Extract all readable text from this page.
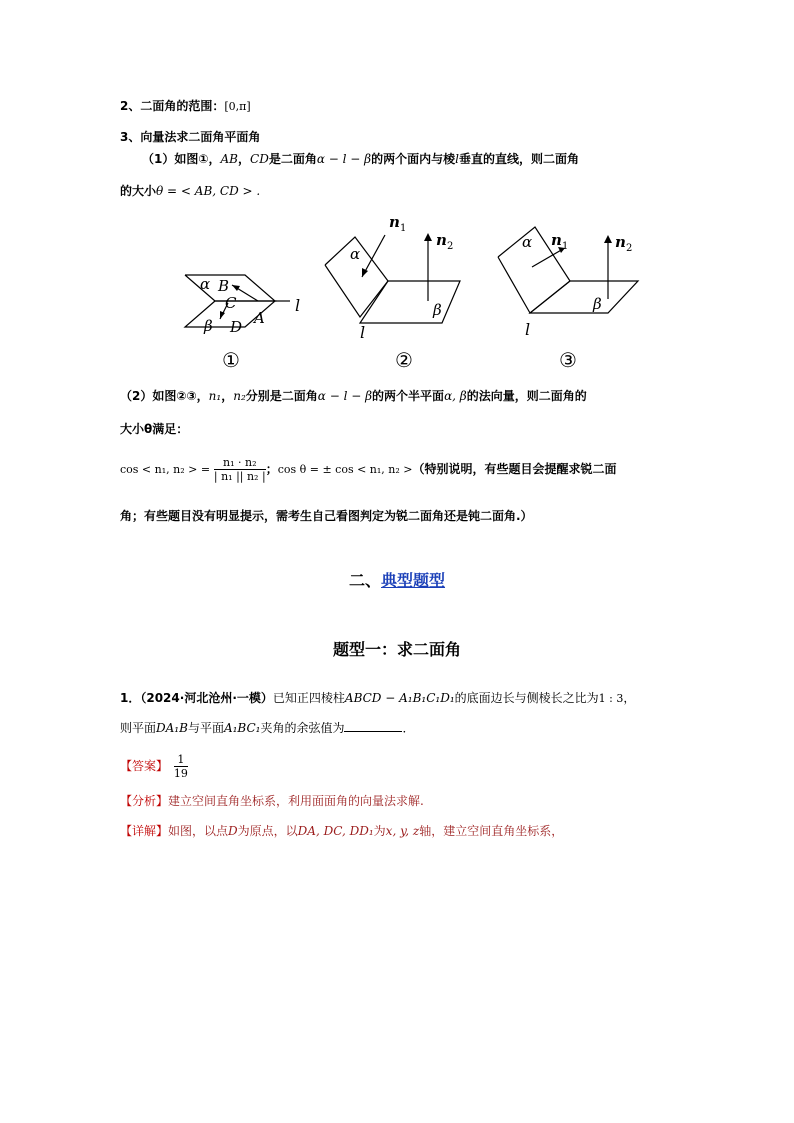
2、二面角的范围：[0,π]
3、向量法求二面角平面角
（1）如图①，AB，CD是二面角α − l − β的两个面内与棱l垂直的直线，则二面角
的大小θ = < AB, CD > .
α B
C	l
β D A
①
n 1
n 2
α
β
l
②
α n 1	n 2
β
l
③
（2）如图②③，n₁，n₂分别是二面角α − l − β的两个半平面α, β的法向量，则二面角的
大小θ满足：
cos < n₁, n₂ > = $\frac{\text{n₁ · n₂}}{\text{| n₁ || n₂ |}}$ ；cos θ = ± cos < n₁, n₂ >（特别说明，有些题目会提醒求锐二面
角；有些题目没有明显提示，需考生自己看图判定为锐二面角还是钝二面角.）
二、典型题型
题型一：求二面角
1．（2024·河北沧州·一模）已知正四棱柱ABCD − A₁B₁C₁D₁的底面边长与侧棱长之比为1 : 3，
则平面DA₁B与平面A₁BC₁夹角的余弦值为	．
【答案】 $\frac{1}{19}$
【分析】建立空间直角坐标系，利用面面角的向量法求解.
【详解】如图，以点D为原点，以DA, DC, DD₁为x, y, z轴，建立空间直角坐标系，
